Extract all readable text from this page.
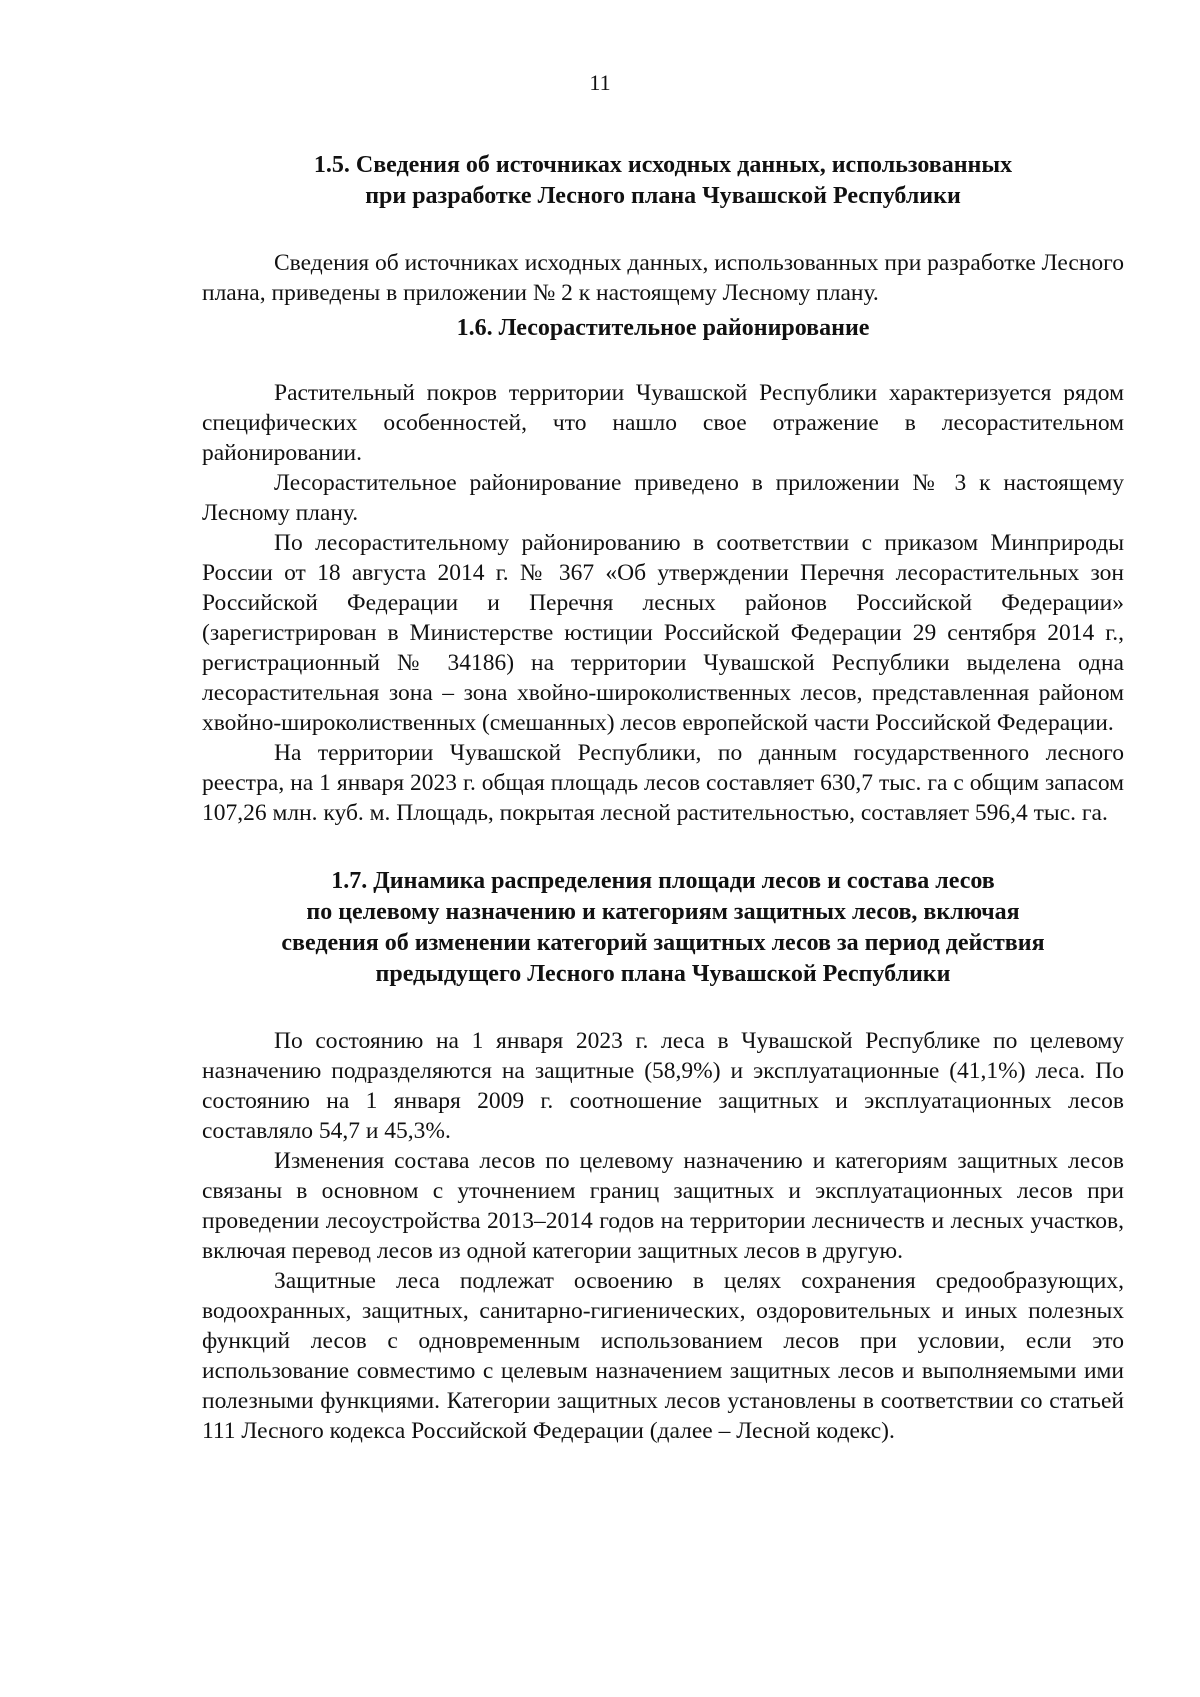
11
1.5. Сведения об источниках исходных данных, использованных
при разработке Лесного плана Чувашской Республики

Сведения об источниках исходных данных, использованных при разработке Лесного плана, приведены в приложении № 2 к настоящему Лесному плану.

1.6. Лесорастительное районирование

Растительный покров территории Чувашской Республики характеризуется рядом специфических особенностей, что нашло свое отражение в лесорастительном районировании.

Лесорастительное районирование приведено в приложении № 3 к настоящему Лесному плану.

По лесорастительному районированию в соответствии с приказом Минприроды России от 18 августа 2014 г. № 367 «Об утверждении Перечня лесорастительных зон Российской Федерации и Перечня лесных районов Российской Федерации» (зарегистрирован в Министерстве юстиции Российской Федерации 29 сентября 2014 г., регистрационный № 34186) на территории Чувашской Республики выделена одна лесорастительная зона – зона хвойно-широколиственных лесов, представленная районом хвойно-широколиственных (смешанных) лесов европейской части Российской Федерации.

На территории Чувашской Республики, по данным государственного лесного реестра, на 1 января 2023 г. общая площадь лесов составляет 630,7 тыс. га с общим запасом 107,26 млн. куб. м. Площадь, покрытая лесной растительностью, составляет 596,4 тыс. га.

1.7. Динамика распределения площади лесов и состава лесов
по целевому назначению и категориям защитных лесов, включая
сведения об изменении категорий защитных лесов за период действия
предыдущего Лесного плана Чувашской Республики

По состоянию на 1 января 2023 г. леса в Чувашской Республике по целевому назначению подразделяются на защитные (58,9%) и эксплуатационные (41,1%) леса. По состоянию на 1 января 2009 г. соотношение защитных и эксплуатационных лесов составляло 54,7 и 45,3%.

Изменения состава лесов по целевому назначению и категориям защитных лесов связаны в основном с уточнением границ защитных и эксплуатационных лесов при проведении лесоустройства 2013–2014 годов на территории лесничеств и лесных участков, включая перевод лесов из одной категории защитных лесов в другую.

Защитные леса подлежат освоению в целях сохранения средообразующих, водоохранных, защитных, санитарно-гигиенических, оздоровительных и иных полезных функций лесов с одновременным использованием лесов при условии, если это использование совместимо с целевым назначением защитных лесов и выполняемыми ими полезными функциями. Категории защитных лесов установлены в соответствии со статьей 111 Лесного кодекса Российской Федерации (далее – Лесной кодекс).
